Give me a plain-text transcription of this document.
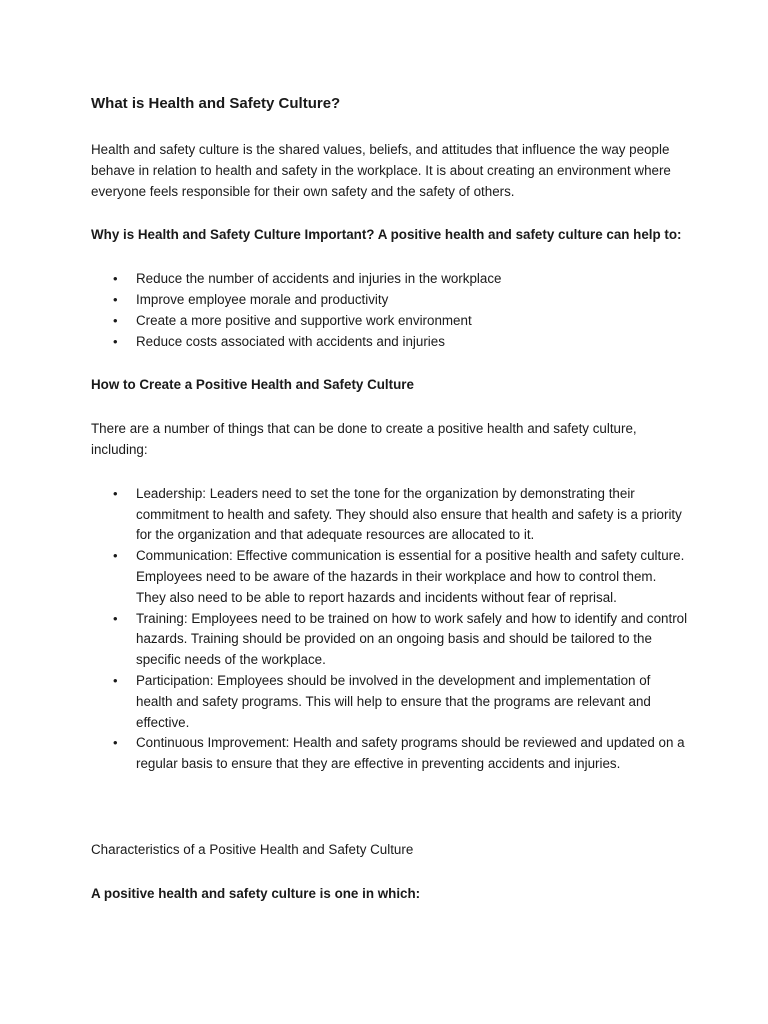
What is Health and Safety Culture?

Health and safety culture is the shared values, beliefs, and attitudes that influence the way people behave in relation to health and safety in the workplace. It is about creating an environment where everyone feels responsible for their own safety and the safety of others.

Why is Health and Safety Culture Important? A positive health and safety culture can help to:

• Reduce the number of accidents and injuries in the workplace
• Improve employee morale and productivity
• Create a more positive and supportive work environment
• Reduce costs associated with accidents and injuries

How to Create a Positive Health and Safety Culture

There are a number of things that can be done to create a positive health and safety culture, including:

• Leadership: Leaders need to set the tone for the organization by demonstrating their commitment to health and safety. They should also ensure that health and safety is a priority for the organization and that adequate resources are allocated to it.
• Communication: Effective communication is essential for a positive health and safety culture. Employees need to be aware of the hazards in their workplace and how to control them. They also need to be able to report hazards and incidents without fear of reprisal.
• Training: Employees need to be trained on how to work safely and how to identify and control hazards. Training should be provided on an ongoing basis and should be tailored to the specific needs of the workplace.
• Participation: Employees should be involved in the development and implementation of health and safety programs. This will help to ensure that the programs are relevant and effective.
• Continuous Improvement: Health and safety programs should be reviewed and updated on a regular basis to ensure that they are effective in preventing accidents and injuries.

Characteristics of a Positive Health and Safety Culture

A positive health and safety culture is one in which:
